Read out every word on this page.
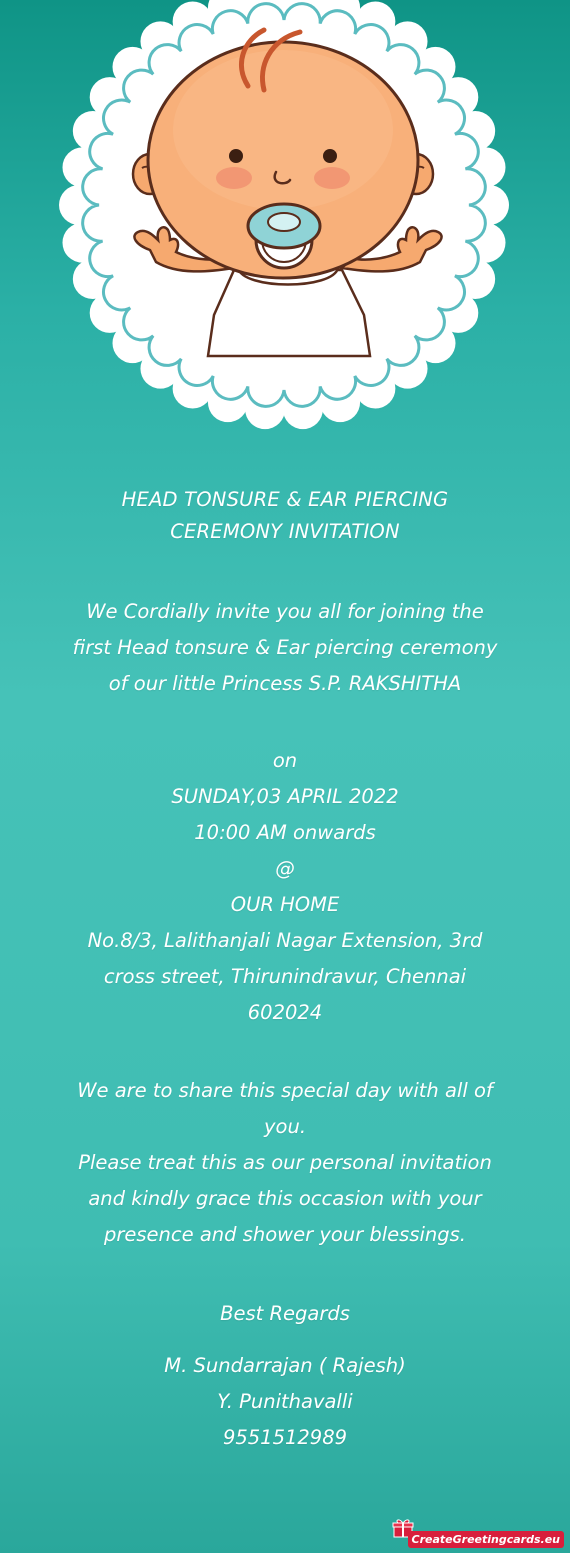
HEAD TONSURE & EAR PIERCING
CEREMONY INVITATION
We Cordially invite you all for joining the
first Head tonsure & Ear piercing ceremony
of our little Princess S.P. RAKSHITHA
on
SUNDAY,03 APRIL 2022
10:00 AM onwards
@
OUR HOME
No.8/3, Lalithanjali Nagar Extension, 3rd
cross street, Thirunindravur, Chennai
602024
We are to share this special day with all of
you.
Please treat this as our personal invitation
and kindly grace this occasion with your
presence and shower your blessings.
Best Regards
M. Sundarrajan ( Rajesh)
Y. Punithavalli
9551512989
CreateGreetingcards.eu
